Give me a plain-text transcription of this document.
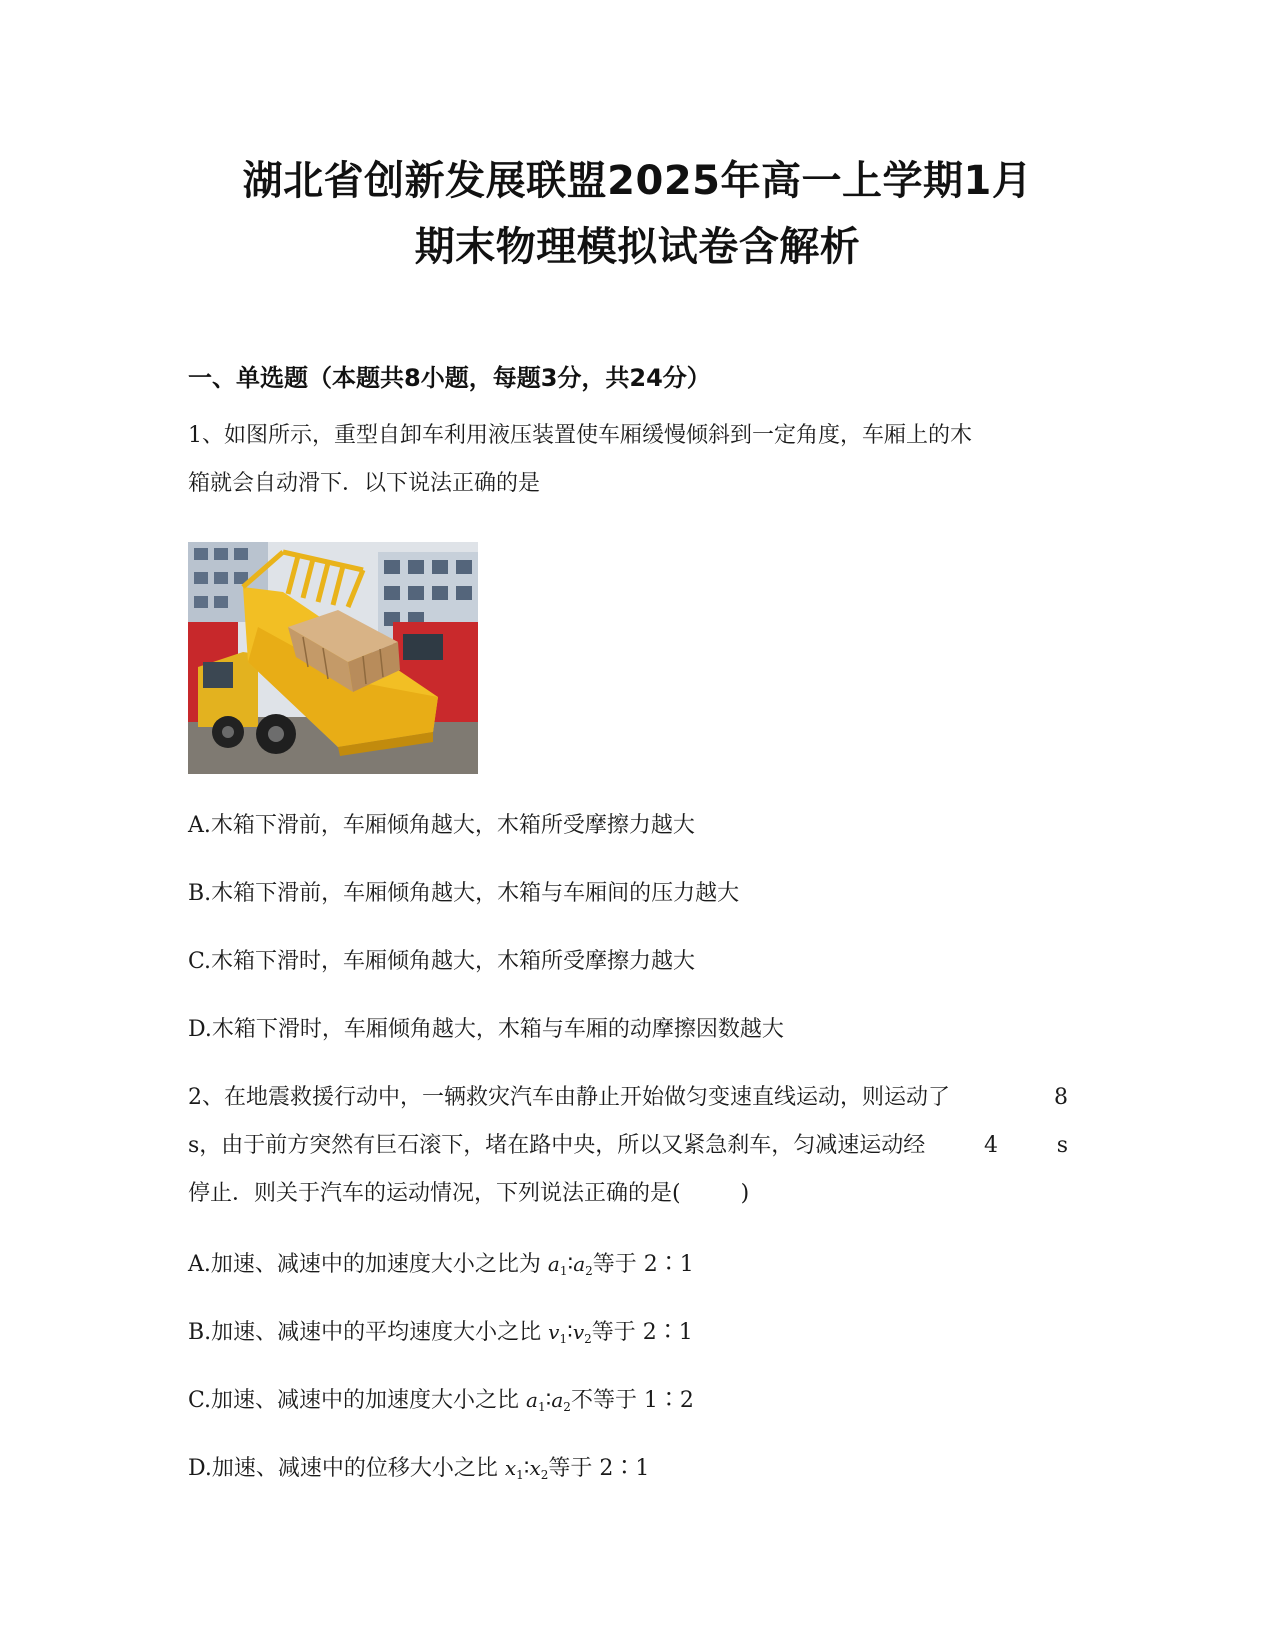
湖北省创新发展联盟2025年高一上学期1月
期末物理模拟试卷含解析
一、单选题（本题共8小题，每题3分，共24分）
1、如图所示，重型自卸车利用液压装置使车厢缓慢倾斜到一定角度，车厢上的木
箱就会自动滑下．以下说法正确的是
A.木箱下滑前，车厢倾角越大，木箱所受摩擦力越大
B.木箱下滑前，车厢倾角越大，木箱与车厢间的压力越大
C.木箱下滑时，车厢倾角越大，木箱所受摩擦力越大
D.木箱下滑时，车厢倾角越大，木箱与车厢的动摩擦因数越大
2、在地震救援行动中，一辆救灾汽车由静止开始做匀变速直线运动，则运动了	8
s，由于前方突然有巨石滚下，堵在路中央，所以又紧急刹车，匀减速运动经	4	s
停止．则关于汽车的运动情况，下列说法正确的是(	)
A.加速、减速中的加速度大小之比为 $a_1∶a_2$等于 2∶1
B.加速、减速中的平均速度大小之比 $v_1∶v_2$等于 2∶1
C.加速、减速中的加速度大小之比 $a_1∶a_2$不等于 1∶2
D.加速、减速中的位移大小之比 $x_1∶x_2$等于 2∶1
